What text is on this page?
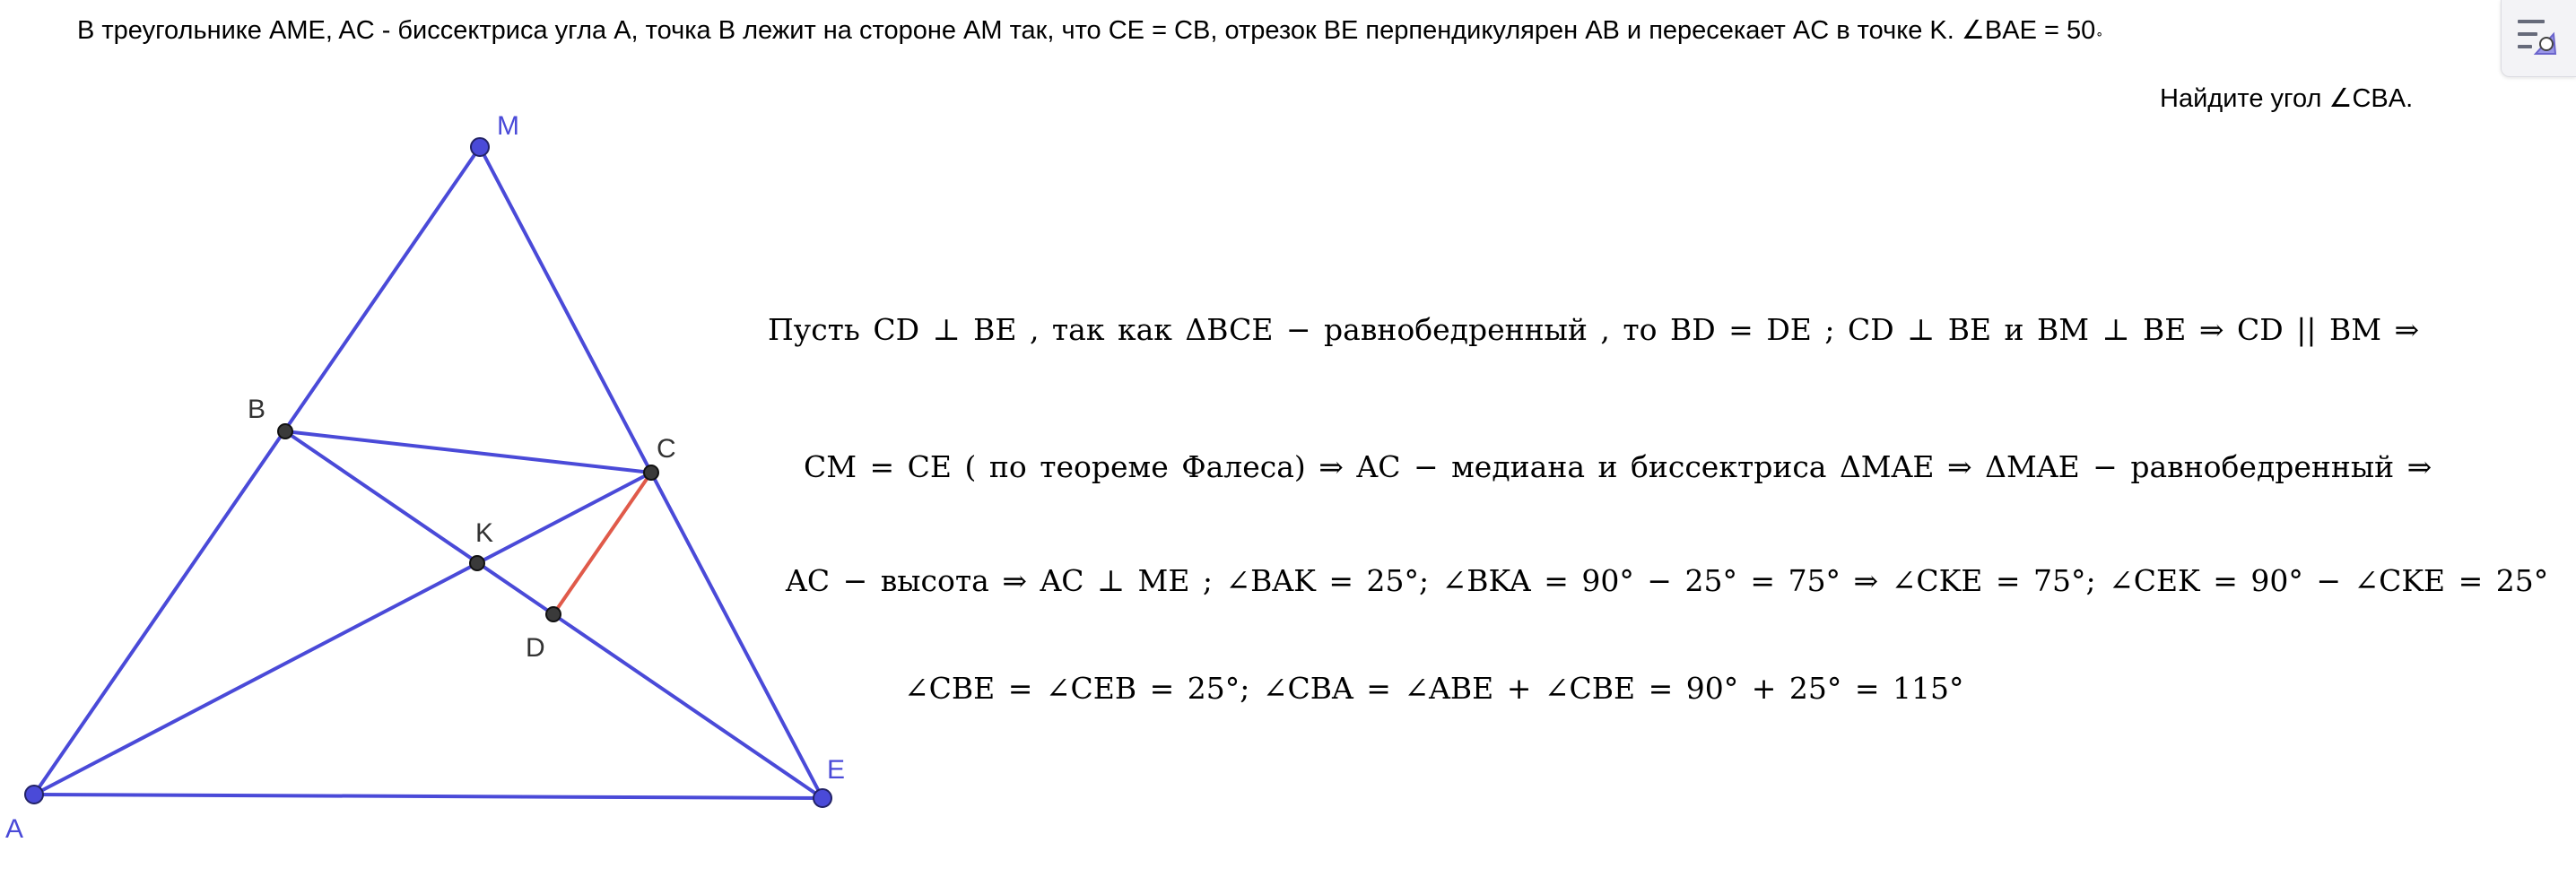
В треугольнике AME, AC - биссектриса угла A, точка B лежит на стороне AM так, что CE = CB, отрезок BE перпендикуляpен AB и пересекает AC в точке K. ∠BAE = 50∘
Найдите угол ∠CBA.
M
A
E
B
C
K
D
Пусть CD ⊥ BE , так как ΔBCE − равнобедренный , то BD = DE ; CD ⊥ BE и BM ⊥ BE ⇒ CD || BM ⇒
CM = CE ( по теореме Фалеса) ⇒ AC − медиана и биссектриса ΔMAE ⇒ ΔMAE − равнобедренный ⇒
AC − высота ⇒ AC ⊥ ME ; ∠BAK = 25°; ∠BKA = 90° − 25° = 75° ⇒ ∠CKE = 75°; ∠CEK = 90° − ∠CKE = 25°
∠CBE = ∠CEB = 25°; ∠CBA = ∠ABE + ∠CBE = 90° + 25° = 115°
